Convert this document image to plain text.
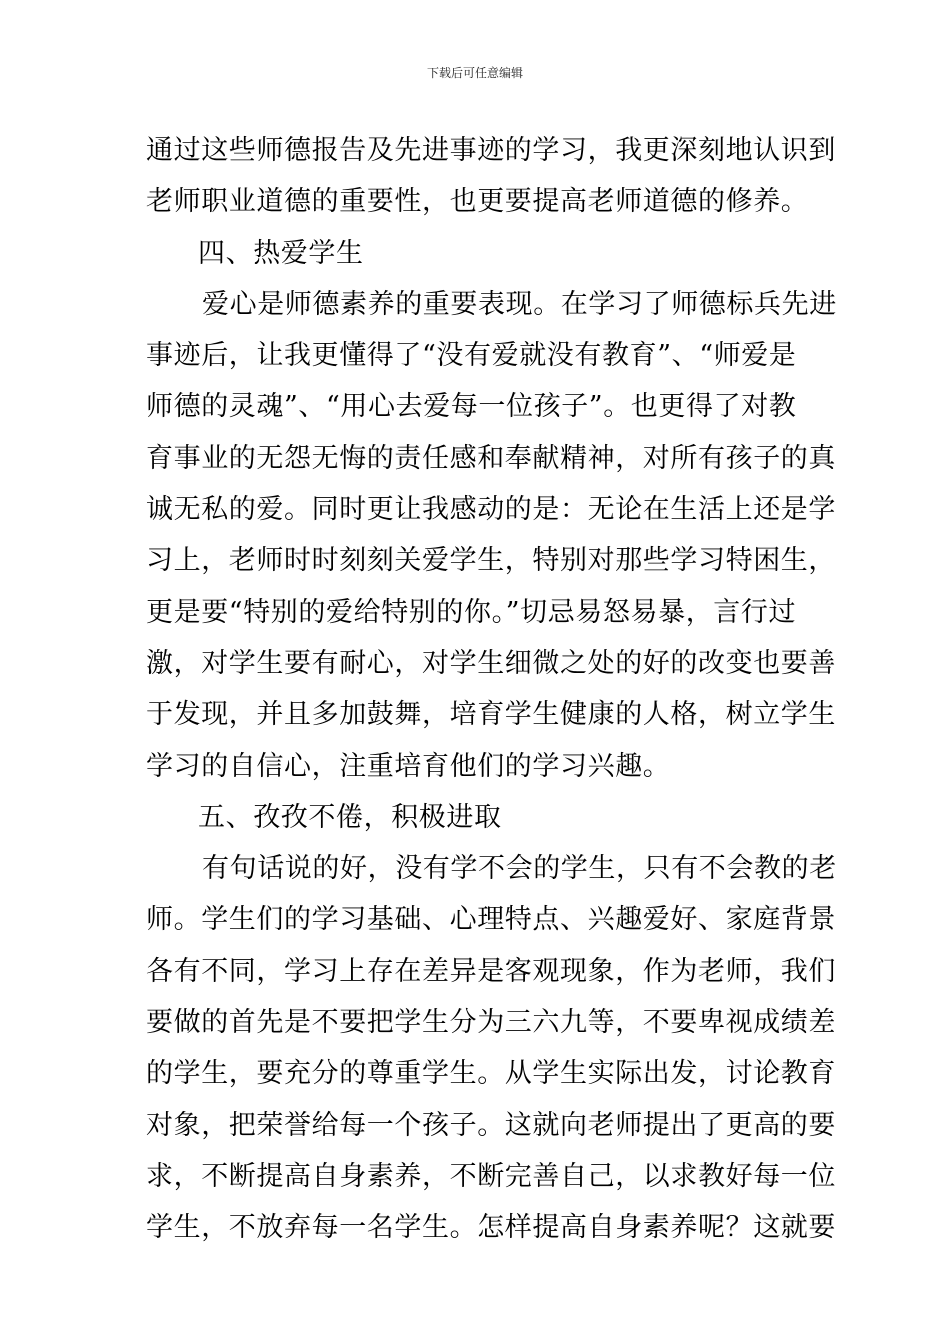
下载后可任意编辑
通过这些师德报告及先进事迹的学习，我更深刻地认识到
老师职业道德的重要性，也更要提高老师道德的修养。
四、热爱学生
爱心是师德素养的重要表现。在学习了师德标兵先进
事迹后，让我更懂得了“没有爱就没有教育”、“师爱是
师德的灵魂”、“用心去爱每一位孩子”。也更得了对教
育事业的无怨无悔的责任感和奉献精神，对所有孩子的真
诚无私的爱。同时更让我感动的是：无论在生活上还是学
习上，老师时时刻刻关爱学生，特别对那些学习特困生，
更是要“特别的爱给特别的你。”切忌易怒易暴，言行过
激，对学生要有耐心，对学生细微之处的好的改变也要善
于发现，并且多加鼓舞，培育学生健康的人格，树立学生
学习的自信心，注重培育他们的学习兴趣。
五、孜孜不倦，积极进取
有句话说的好，没有学不会的学生，只有不会教的老
师。学生们的学习基础、心理特点、兴趣爱好、家庭背景
各有不同，学习上存在差异是客观现象，作为老师，我们
要做的首先是不要把学生分为三六九等，不要卑视成绩差
的学生，要充分的尊重学生。从学生实际出发，讨论教育
对象，把荣誉给每一个孩子。这就向老师提出了更高的要
求，不断提高自身素养，不断完善自己，以求教好每一位
学生，不放弃每一名学生。怎样提高自身素养呢？这就要
